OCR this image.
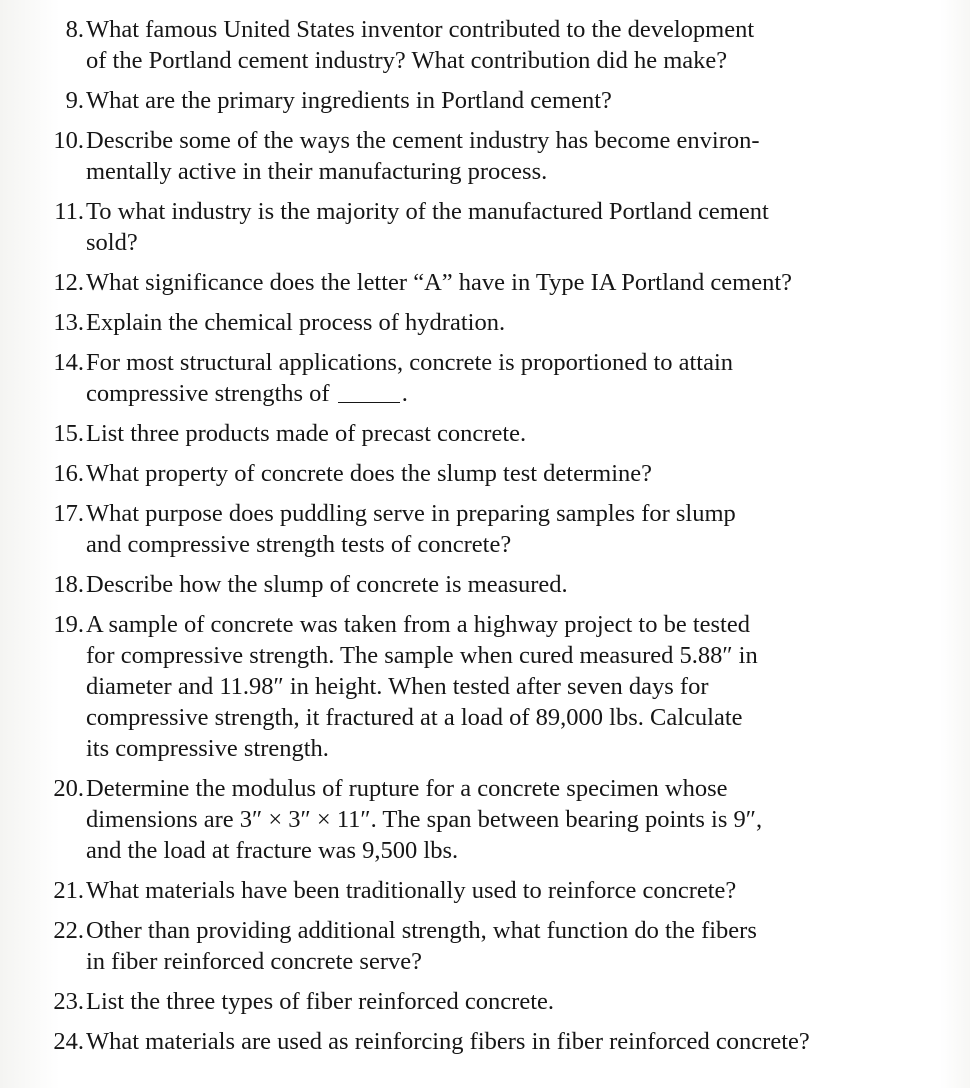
8. What famous United States inventor contributed to the development
of the Portland cement industry? What contribution did he make?
9. What are the primary ingredients in Portland cement?
10. Describe some of the ways the cement industry has become environ-
mentally active in their manufacturing process.
11. To what industry is the majority of the manufactured Portland cement
sold?
12. What significance does the letter “A” have in Type IA Portland cement?
13. Explain the chemical process of hydration.
14. For most structural applications, concrete is proportioned to attain
compressive strengths of	.
15. List three products made of precast concrete.
16. What property of concrete does the slump test determine?
17. What purpose does puddling serve in preparing samples for slump
and compressive strength tests of concrete?
18. Describe how the slump of concrete is measured.
19. A sample of concrete was taken from a highway project to be tested
for compressive strength. The sample when cured measured 5.88″ in
diameter and 11.98″ in height. When tested after seven days for
compressive strength, it fractured at a load of 89,000 lbs. Calculate
its compressive strength.
20. Determine the modulus of rupture for a concrete specimen whose
dimensions are 3″ × 3″ × 11″. The span between bearing points is 9″,
and the load at fracture was 9,500 lbs.
21. What materials have been traditionally used to reinforce concrete?
22. Other than providing additional strength, what function do the fibers
in fiber reinforced concrete serve?
23. List the three types of fiber reinforced concrete.
24. What materials are used as reinforcing fibers in fiber reinforced concrete?
